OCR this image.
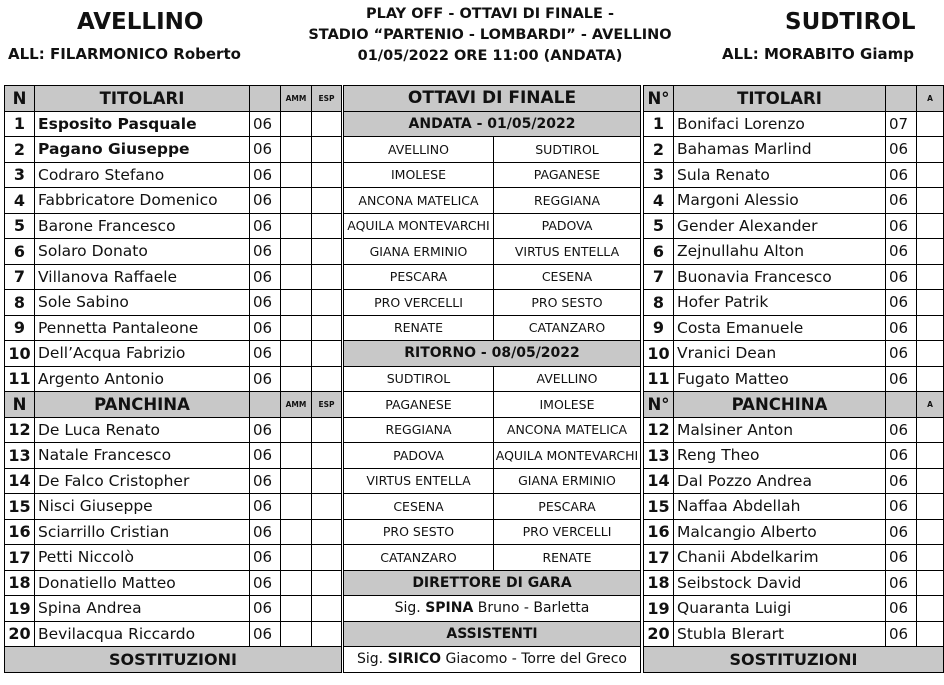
AVELLINO
ALL: FILARMONICO Roberto
PLAY OFF - OTTAVI DI FINALE -
STADIO “PARTENIO - LOMBARDI” - AVELLINO
01/05/2022 ORE 11:00 (ANDATA)
SUDTIROL
ALL: MORABITO Giamp
N	TITOLARI		AMM	ESP
1	Esposito Pasquale	06		
2	Pagano Giuseppe	06		
3	Codraro Stefano	06		
4	Fabbricatore Domenico	06		
5	Barone Francesco	06		
6	Solaro Donato	06		
7	Villanova Raffaele	06		
8	Sole Sabino	06		
9	Pennetta Pantaleone	06		
10	Dell’Acqua Fabrizio	06		
11	Argento Antonio	06		
N	PANCHINA		AMM	ESP
12	De Luca Renato	06		
13	Natale Francesco	06		
14	De Falco Cristopher	06		
15	Nisci Giuseppe	06		
16	Sciarrillo Cristian	06		
17	Petti Niccolò	06		
18	Donatiello Matteo	06		
19	Spina Andrea	06		
20	Bevilacqua Riccardo	06		
SOSTITUZIONI				
OTTAVI DI FINALE	
ANDATA - 01/05/2022	
AVELLINO	SUDTIROL
IMOLESE	PAGANESE
ANCONA MATELICA	REGGIANA
AQUILA MONTEVARCHI	PADOVA
GIANA ERMINIO	VIRTUS ENTELLA
PESCARA	CESENA
PRO VERCELLI	PRO SESTO
RENATE	CATANZARO
RITORNO - 08/05/2022	
SUDTIROL	AVELLINO
PAGANESE	IMOLESE
REGGIANA	ANCONA MATELICA
PADOVA	AQUILA MONTEVARCHI
VIRTUS ENTELLA	GIANA ERMINIO
CESENA	PESCARA
PRO SESTO	PRO VERCELLI
CATANZARO	RENATE
DIRETTORE DI GARA	
Sig. SPINA Bruno - Barletta	
ASSISTENTI	
Sig. SIRICO Giacomo - Torre del Greco	
N°	TITOLARI		A
1	Bonifaci Lorenzo	07	
2	Bahamas Marlind	06	
3	Sula Renato	06	
4	Margoni Alessio	06	
5	Gender Alexander	06	
6	Zejnullahu Alton	06	
7	Buonavia Francesco	06	
8	Hofer Patrik	06	
9	Costa Emanuele	06	
10	Vranici Dean	06	
11	Fugato Matteo	06	
N°	PANCHINA		A
12	Malsiner Anton	06	
13	Reng Theo	06	
14	Dal Pozzo Andrea	06	
15	Naffaa Abdellah	06	
16	Malcangio Alberto	06	
17	Chanii Abdelkarim	06	
18	Seibstock David	06	
19	Quaranta Luigi	06	
20	Stubla Blerart	06	
SOSTITUZIONI			
